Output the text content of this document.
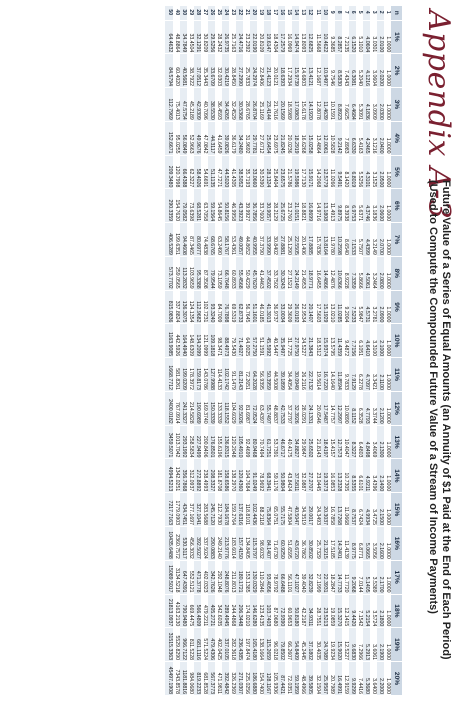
Appendix A-3
Future Value of a Series of Equal Amounts (an Annuity of $1 Paid at the End of Each Period)
(Used to Compute the Compounded Future Value of a Stream of Income Payments)
n	1%	2%	3%	4%	5%	6%	7%	8%	9%	10%	11%	12%	13%	14%	15%	16%	17%	18%	19%	20%
1	1.0000	1.0000	1.0000	1.0000	1.0000	1.0000	1.0000	1.0000	1.0000	1.0000	1.0000	1.0000	1.0000	1.0000	1.0000	1.0000	1.0000	1.0000	1.0000	1.0000
2	2.0100	2.0200	2.0300	2.0400	2.0500	2.0600	2.0700	2.0800	2.0900	2.1000	2.1100	2.1200	2.1300	2.1400	2.1500	2.1600	2.1700	2.1800	2.1900	2.2000
3	3.0301	3.0604	3.0909	3.1216	3.1525	3.1836	3.2149	3.2464	3.2781	3.3100	3.3421	3.3744	3.4069	3.4396	3.4725	3.5056	3.5389	3.5724	3.6061	3.6400
4	4.0604	4.1216	4.1836	4.2465	4.3101	4.3746	4.4399	4.5061	4.5731	4.6410	4.7097	4.7793	4.8498	4.9211	4.9934	5.0665	5.1405	5.2154	5.2913	5.3680
5	5.1010	5.2040	5.3091	5.4163	5.5256	5.6371	5.7507	5.8666	5.9847	6.1051	6.2278	6.3528	6.4803	6.6101	6.7424	6.8771	7.0144	7.1542	7.2966	7.4416
6	6.1520	6.3081	6.4684	6.6330	6.8019	6.9753	7.1533	7.3359	7.5233	7.7156	7.9129	8.1152	8.3227	8.5355	8.7537	8.9775	9.2068	9.4420	9.6830	9.9299
7	7.2135	7.4343	7.6625	7.8983	8.1420	8.3938	8.6540	8.9228	9.2004	9.4872	9.7833	10.0890	10.4047	10.7305	11.0668	11.4139	11.7720	12.1415	12.5227	12.9159
8	8.2857	8.5830	8.8923	9.2142	9.5491	9.8975	10.2598	10.6366	11.0285	11.4359	11.8594	12.2997	12.7573	13.2328	13.7268	14.2401	14.7733	15.3270	15.9020	16.4991
9	9.3685	9.7546	10.1591	10.5828	11.0266	11.4913	11.9780	12.4876	13.0210	13.5795	14.1640	14.7757	15.4157	16.0853	16.7858	17.5185	18.2847	19.0859	19.9234	20.7989
10	10.4622	10.9497	11.4639	12.0061	12.5779	13.1808	13.8164	14.4866	15.1929	15.9374	16.7220	17.5487	18.4197	19.3373	20.3037	21.3215	22.3931	23.5213	24.7089	25.9587
11	11.5668	12.1687	12.8078	13.4864	14.2068	14.9716	15.7836	16.6455	17.5603	18.5312	19.5614	20.6546	21.8143	23.0445	24.3493	25.7329	27.1999	28.7551	30.4035	32.1504
12	12.6825	13.4121	14.1920	15.0258	15.9171	16.8699	17.8885	18.9771	20.1407	21.3843	22.7132	24.1331	25.6502	27.2707	29.0017	30.8502	32.8239	34.9311	37.1802	39.5805
13	13.8093	14.6803	15.6178	16.6268	17.7130	18.8821	20.1406	21.4953	22.9534	24.5227	26.2116	28.0291	29.9847	32.0887	34.3519	36.7862	39.4040	42.2187	45.2445	48.4966
14	14.9474	15.9739	17.0863	18.2919	19.5986	21.0151	22.5505	24.2149	26.0192	27.9750	30.0949	32.3926	34.8827	37.5811	40.5047	43.6720	47.1027	50.8180	54.8409	59.1959
15	16.0969	17.2934	18.5989	20.0236	21.5786	23.2760	25.1290	27.1521	29.3609	31.7725	34.4054	37.2797	40.4175	43.8424	47.5804	51.6595	56.1101	60.9653	66.2607	72.0351
16	17.2579	18.6393	20.1569	21.8245	23.6575	25.6725	27.8881	30.3243	33.0034	35.9497	39.1899	42.7533	46.6717	50.9804	55.7175	60.9250	66.6488	72.9390	79.8502	87.4421
17	18.4304	20.0121	21.7616	23.6975	25.8404	28.2129	30.8402	33.7502	36.9737	40.5447	44.5008	48.8837	53.7391	59.1176	65.0751	71.6730	78.9792	87.0680	96.0218	105.9306
18	19.6147	21.4123	23.4144	25.6454	28.1324	30.9057	33.9990	37.4502	41.3013	45.5992	50.3959	55.7497	61.7251	68.3941	75.8364	84.1407	93.4056	103.7403	115.2659	128.1167
19	20.8109	22.8406	25.1169	27.6712	30.5390	33.7600	37.3790	41.4463	46.0185	51.1591	56.9395	63.4397	70.7494	78.9692	88.2118	98.6032	110.2846	123.4135	138.1664	154.7400
20	22.0190	24.2974	26.8704	29.7781	33.0660	36.7856	40.9955	45.7620	51.1601	57.2750	64.2028	72.0524	80.9468	91.0249	102.4436	115.3797	130.0329	146.6280	165.4180	186.6880
21	23.2392	25.7833	28.6765	31.9692	35.7193	39.9927	44.8652	50.4229	56.7645	64.0025	72.2651	81.6987	92.4699	104.7684	118.8101	134.8405	153.1385	174.0210	197.8474	225.0256
22	24.4716	27.2990	30.5368	34.2480	38.5052	43.3923	49.0057	55.4568	62.8733	71.4027	81.2143	92.5026	105.4910	120.4360	137.6316	157.4150	180.1721	206.3448	236.4385	271.0307
23	25.7163	28.8450	32.4529	36.6179	41.4305	46.9958	53.4361	60.8933	69.5319	79.5430	91.1479	104.6029	120.2048	138.2970	159.2764	183.6014	211.8013	244.4868	282.3618	326.2369
24	26.9735	30.4219	34.4265	39.0826	44.5020	50.8156	58.1767	66.7648	76.7898	88.4973	102.1742	118.1552	136.8315	158.6586	184.1678	213.9776	248.8076	289.4945	337.0105	392.4842
25	28.2432	32.0303	36.4593	41.6459	47.7271	54.8645	63.2490	73.1059	84.7009	98.3471	114.4133	133.3339	155.6196	181.8708	212.7930	249.2140	292.1048	342.6035	402.0425	471.9811
26	29.5256	33.6709	38.5530	44.3117	51.1135	59.1564	68.6765	79.9544	93.3240	109.1818	127.9988	150.3339	176.8501	208.3327	245.7120	290.0883	342.7626	405.2721	479.4306	567.3773
27	30.8209	35.3443	40.7096	47.0842	54.6691	63.7058	74.4838	87.3508	102.7231	121.0999	143.0786	169.3740	200.8406	238.4993	283.5688	337.5024	402.0323	479.2211	571.5224	681.8528
28	32.1291	37.0512	42.9309	49.9676	58.4026	68.5281	80.6977	95.3388	112.9682	134.2099	159.8173	190.6989	227.9499	272.8892	327.1041	392.5027	471.3778	566.4809	681.1116	819.2233
29	33.4504	38.7922	45.2189	52.9663	62.3227	73.6398	87.3465	103.9659	124.1354	148.6309	178.3972	214.5828	258.5834	312.0937	377.1697	456.3032	552.5121	669.4475	811.5228	984.0680
30	34.7849	40.5681	47.5754	56.0849	66.4388	79.0582	94.4608	113.2832	136.3075	164.4940	199.0209	241.3327	293.1992	356.7868	434.7451	530.3117	647.4391	790.9480	966.7122	1181.8816
40	48.8864	60.4020	75.4013	95.0255	120.7998	154.7620	199.6351	259.0565	337.8824	442.5926	581.8261	767.0914	1013.7042	1342.0251	1779.0903	2360.7572	3134.5218	4163.2130	5529.8290	7343.8578
50	64.4632	84.5794	112.7969	152.6671	209.3480	290.3359	406.5289	573.7702	815.0836	1163.9085	1668.7712	2400.0182	3459.5071	4994.5213	7217.7163	10435.6488	15089.5017	21813.0937	31515.3363	45497.1908
